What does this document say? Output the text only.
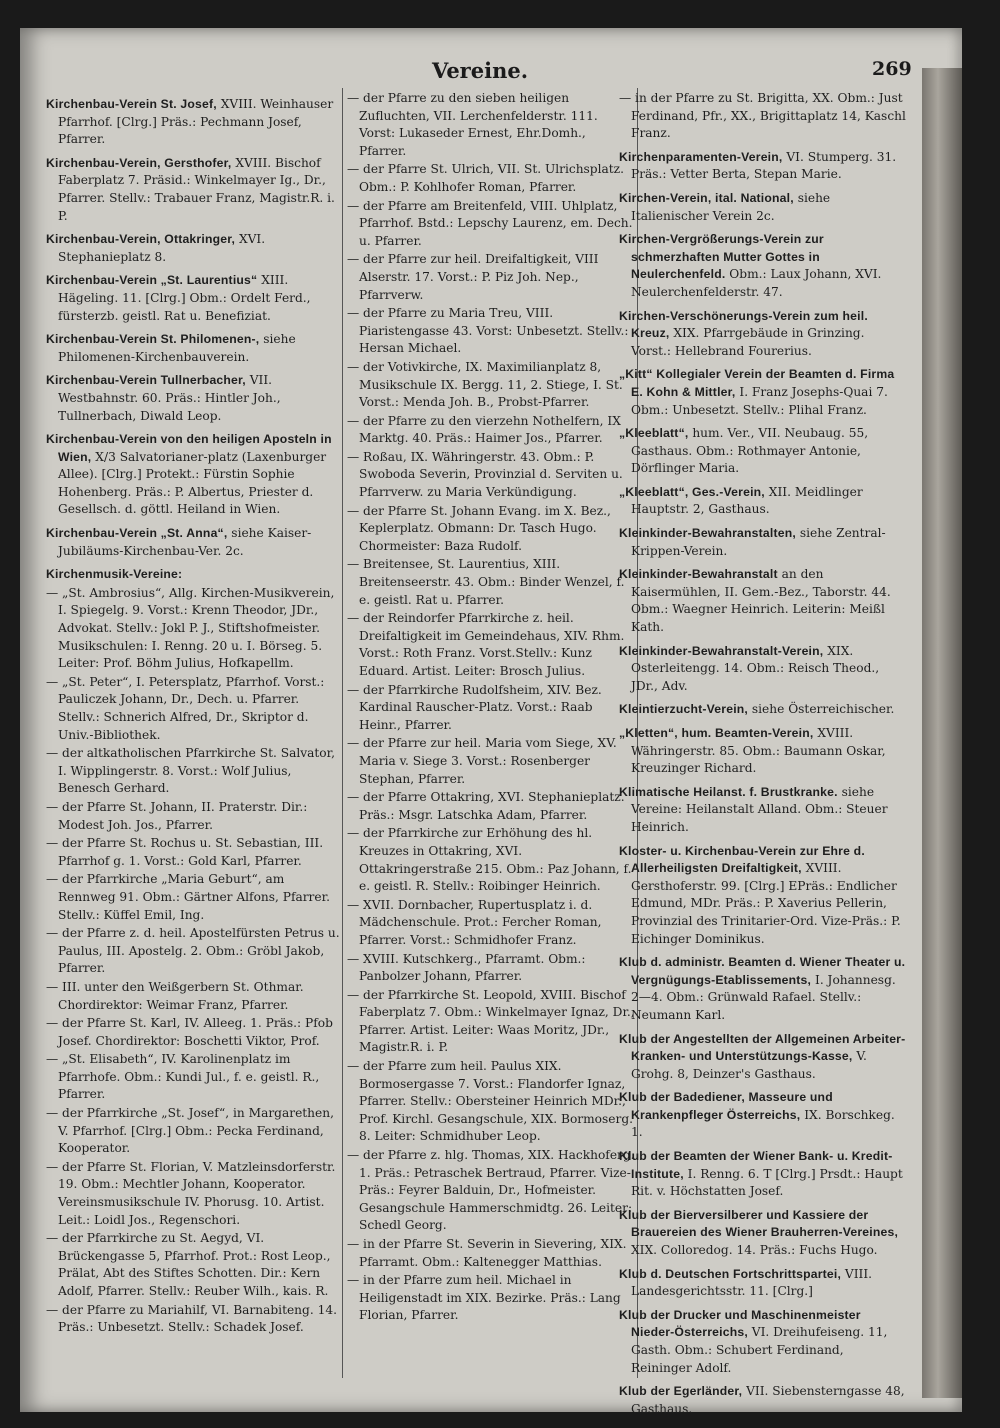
Vereine.	269
Kirchenbau-Verein St. Josef, XVIII. Weinhauser Pfarrhof. [Clrg.] Präs.: Pechmann Josef, Pfarrer.
Kirchenbau-Verein, Gersthofer, XVIII. Bischof Faberplatz 7. Präsid.: Winkelmayer Ig., Dr., Pfarrer. Stellv.: Trabauer Franz, Magistr.R. i. P.
Kirchenbau-Verein, Ottakringer, XVI. Stephanieplatz 8.
Kirchenbau-Verein „St. Laurentius“ XIII. Hägeling. 11. [Clrg.] Obm.: Ordelt Ferd., fürsterzb. geistl. Rat u. Benefiziat.
Kirchenbau-Verein St. Philomenen-, siehe Philomenen-Kirchenbauverein.
Kirchenbau-Verein Tullnerbacher, VII. Westbahnstr. 60. Präs.: Hintler Joh., Tullnerbach, Diwald Leop.
Kirchenbau-Verein von den heiligen Aposteln in Wien, X/3 Salvatorianer-platz (Laxenburger Allee). [Clrg.] Protekt.: Fürstin Sophie Hohenberg. Präs.: P. Albertus, Priester d. Gesellsch. d. göttl. Heiland in Wien.
Kirchenbau-Verein „St. Anna“, siehe Kaiser-Jubiläums-Kirchenbau-Ver. 2c.
Kirchenmusik-Vereine:
— „St. Ambrosius“, Allg. Kirchen-Musikverein, I. Spiegelg. 9. Vorst.: Krenn Theodor, JDr., Advokat. Stellv.: Jokl P. J., Stiftshofmeister. Musikschulen: I. Renng. 20 u. I. Börseg. 5. Leiter: Prof. Böhm Julius, Hofkapellm.
— „St. Peter“, I. Petersplatz, Pfarrhof. Vorst.: Pauliczek Johann, Dr., Dech. u. Pfarrer. Stellv.: Schnerich Alfred, Dr., Skriptor d. Univ.-Bibliothek.
— der altkatholischen Pfarrkirche St. Salvator, I. Wipplingerstr. 8. Vorst.: Wolf Julius, Benesch Gerhard.
— der Pfarre St. Johann, II. Praterstr. Dir.: Modest Joh. Jos., Pfarrer.
— der Pfarre St. Rochus u. St. Sebastian, III. Pfarrhof g. 1. Vorst.: Gold Karl, Pfarrer.
— der Pfarrkirche „Maria Geburt“, am Rennweg 91. Obm.: Gärtner Alfons, Pfarrer. Stellv.: Küffel Emil, Ing.
— der Pfarre z. d. heil. Apostelfürsten Petrus u. Paulus, III. Apostelg. 2. Obm.: Gröbl Jakob, Pfarrer.
— III. unter den Weißgerbern St. Othmar. Chordirektor: Weimar Franz, Pfarrer.
— der Pfarre St. Karl, IV. Alleeg. 1. Präs.: Pfob Josef. Chordirektor: Boschetti Viktor, Prof.
— „St. Elisabeth“, IV. Karolinenplatz im Pfarrhofe. Obm.: Kundi Jul., f. e. geistl. R., Pfarrer.
— der Pfarrkirche „St. Josef“, in Margarethen, V. Pfarrhof. [Clrg.] Obm.: Pecka Ferdinand, Kooperator.
— der Pfarre St. Florian, V. Matzleinsdorferstr. 19. Obm.: Mechtler Johann, Kooperator. Vereinsmusikschule IV. Phorusg. 10. Artist. Leit.: Loidl Jos., Regenschori.
— der Pfarrkirche zu St. Aegyd, VI. Brückengasse 5, Pfarrhof. Prot.: Rost Leop., Prälat, Abt des Stiftes Schotten. Dir.: Kern Adolf, Pfarrer. Stellv.: Reuber Wilh., kais. R.
— der Pfarre zu Mariahilf, VI. Barnabiteng. 14. Präs.: Unbesetzt. Stellv.: Schadek Josef.
— der Pfarre zu den sieben heiligen Zufluchten, VII. Lerchenfelderstr. 111. Vorst: Lukaseder Ernest, Ehr.Domh., Pfarrer.
— der Pfarre St. Ulrich, VII. St. Ulrichsplatz. Obm.: P. Kohlhofer Roman, Pfarrer.
— der Pfarre am Breitenfeld, VIII. Uhlplatz, Pfarrhof. Bstd.: Lepschy Laurenz, em. Dech. u. Pfarrer.
— der Pfarre zur heil. Dreifaltigkeit, VIII Alserstr. 17. Vorst.: P. Piz Joh. Nep., Pfarrverw.
— der Pfarre zu Maria Treu, VIII. Piaristengasse 43. Vorst: Unbesetzt. Stellv.: Hersan Michael.
— der Votivkirche, IX. Maximilianplatz 8, Musikschule IX. Bergg. 11, 2. Stiege, I. St. Vorst.: Menda Joh. B., Probst-Pfarrer.
— der Pfarre zu den vierzehn Nothelfern, IX Marktg. 40. Präs.: Haimer Jos., Pfarrer.
— Roßau, IX. Währingerstr. 43. Obm.: P. Swoboda Severin, Provinzial d. Serviten u. Pfarrverw. zu Maria Verkündigung.
— der Pfarre St. Johann Evang. im X. Bez., Keplerplatz. Obmann: Dr. Tasch Hugo. Chormeister: Baza Rudolf.
— Breitensee, St. Laurentius, XIII. Breitenseerstr. 43. Obm.: Binder Wenzel, f. e. geistl. Rat u. Pfarrer.
— der Reindorfer Pfarrkirche z. heil. Dreifaltigkeit im Gemeindehaus, XIV. Rhm. Vorst.: Roth Franz. Vorst.Stellv.: Kunz Eduard. Artist. Leiter: Brosch Julius.
— der Pfarrkirche Rudolfsheim, XIV. Bez. Kardinal Rauscher-Platz. Vorst.: Raab Heinr., Pfarrer.
— der Pfarre zur heil. Maria vom Siege, XV. Maria v. Siege 3. Vorst.: Rosenberger Stephan, Pfarrer.
— der Pfarre Ottakring, XVI. Stephanieplatz. Präs.: Msgr. Latschka Adam, Pfarrer.
— der Pfarrkirche zur Erhöhung des hl. Kreuzes in Ottakring, XVI. Ottakringerstraße 215. Obm.: Paz Johann, f. e. geistl. R. Stellv.: Roibinger Heinrich.
— XVII. Dornbacher, Rupertusplatz i. d. Mädchenschule. Prot.: Fercher Roman, Pfarrer. Vorst.: Schmidhofer Franz.
— XVIII. Kutschkerg., Pfarramt. Obm.: Panbolzer Johann, Pfarrer.
— der Pfarrkirche St. Leopold, XVIII. Bischof Faberplatz 7. Obm.: Winkelmayer Ignaz, Dr., Pfarrer. Artist. Leiter: Waas Moritz, JDr., Magistr.R. i. P.
— der Pfarre zum heil. Paulus XIX. Bormosergasse 7. Vorst.: Flandorfer Ignaz, Pfarrer. Stellv.: Obersteiner Heinrich MDr., Prof. Kirchl. Gesangschule, XIX. Bormoserg. 8. Leiter: Schmidhuber Leop.
— der Pfarre z. hlg. Thomas, XIX. Hackhoferg. 1. Präs.: Petraschek Bertraud, Pfarrer. Vize-Präs.: Feyrer Balduin, Dr., Hofmeister. Gesangschule Hammerschmidtg. 26. Leiter: Schedl Georg.
— in der Pfarre St. Severin in Sievering, XIX. Pfarramt. Obm.: Kaltenegger Matthias.
— in der Pfarre zum heil. Michael in Heiligenstadt im XIX. Bezirke. Präs.: Lang Florian, Pfarrer.
— in der Pfarre zu St. Brigitta, XX. Obm.: Just Ferdinand, Pfr., XX., Brigittaplatz 14, Kaschl Franz.
Kirchenparamenten-Verein, VI. Stumperg. 31. Präs.: Vetter Berta, Stepan Marie.
Kirchen-Verein, ital. National, siehe Italienischer Verein 2c.
Kirchen-Vergrößerungs-Verein zur schmerzhaften Mutter Gottes in Neulerchenfeld. Obm.: Laux Johann, XVI. Neulerchenfelderstr. 47.
Kirchen-Verschönerungs-Verein zum heil. Kreuz, XIX. Pfarrgebäude in Grinzing. Vorst.: Hellebrand Fourerius.
„Kitt“ Kollegialer Verein der Beamten d. Firma E. Kohn & Mittler, I. Franz Josephs-Quai 7. Obm.: Unbesetzt. Stellv.: Plihal Franz.
„Kleeblatt“, hum. Ver., VII. Neubaug. 55, Gasthaus. Obm.: Rothmayer Antonie, Dörflinger Maria.
„Kleeblatt“, Ges.-Verein, XII. Meidlinger Hauptstr. 2, Gasthaus.
Kleinkinder-Bewahranstalten, siehe Zentral-Krippen-Verein.
Kleinkinder-Bewahranstalt an den Kaisermühlen, II. Gem.-Bez., Taborstr. 44. Obm.: Waegner Heinrich. Leiterin: Meißl Kath.
Kleinkinder-Bewahranstalt-Verein, XIX. Osterleitengg. 14. Obm.: Reisch Theod., JDr., Adv.
Kleintierzucht-Verein, siehe Österreichischer.
„Kletten“, hum. Beamten-Verein, XVIII. Währingerstr. 85. Obm.: Baumann Oskar, Kreuzinger Richard.
Klimatische Heilanst. f. Brustkranke. siehe Vereine: Heilanstalt Alland. Obm.: Steuer Heinrich.
Kloster- u. Kirchenbau-Verein zur Ehre d. Allerheiligsten Dreifaltigkeit, XVIII. Gersthoferstr. 99. [Clrg.] EPräs.: Endlicher Edmund, MDr. Präs.: P. Xaverius Pellerin, Provinzial des Trinitarier-Ord. Vize-Präs.: P. Eichinger Dominikus.
Klub d. administr. Beamten d. Wiener Theater u. Vergnügungs-Etablissements, I. Johannesg. 2—4. Obm.: Grünwald Rafael. Stellv.: Neumann Karl.
Klub der Angestellten der Allgemeinen Arbeiter-Kranken- und Unterstützungs-Kasse, V. Grohg. 8, Deinzer's Gasthaus.
Klub der Badediener, Masseure und Krankenpfleger Österreichs, IX. Borschkeg. 1.
Klub der Beamten der Wiener Bank- u. Kredit-Institute, I. Renng. 6. T [Clrg.] Prsdt.: Haupt Rit. v. Höchstatten Josef.
Klub der Bierversilberer und Kassiere der Brauereien des Wiener Brauherren-Vereines, XIX. Colloredog. 14. Präs.: Fuchs Hugo.
Klub d. Deutschen Fortschrittspartei, VIII. Landesgerichtsstr. 11. [Clrg.]
Klub der Drucker und Maschinenmeister Nieder-Österreichs, VI. Dreihufeiseng. 11, Gasth. Obm.: Schubert Ferdinand, Reininger Adolf.
Klub der Egerländer, VII. Siebensterngasse 48, Gasthaus.
